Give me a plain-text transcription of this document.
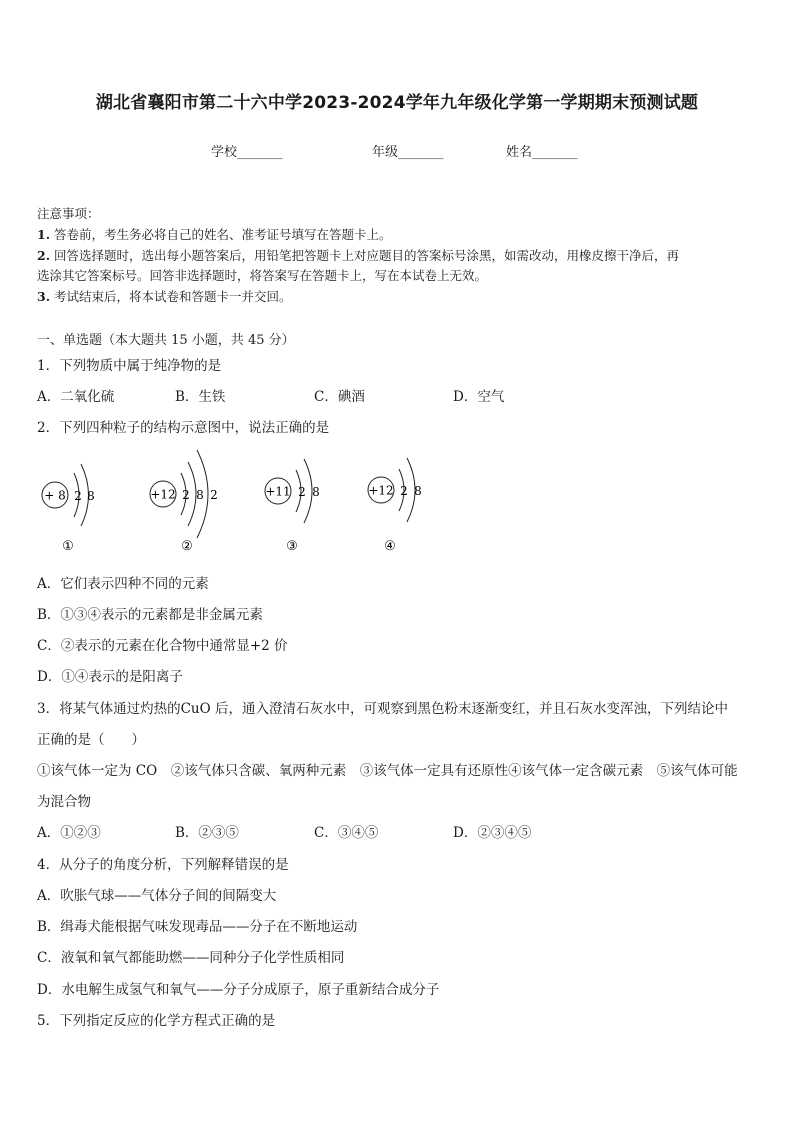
湖北省襄阳市第二十六中学2023-2024学年九年级化学第一学期期末预测试题
学校_______	年级_______	姓名_______
注意事项：
1. 答卷前，考生务必将自己的姓名、准考证号填写在答题卡上。
2. 回答选择题时，选出每小题答案后，用铅笔把答题卡上对应题目的答案标号涂黑，如需改动，用橡皮擦干净后，再
选涂其它答案标号。回答非选择题时，将答案写在答题卡上，写在本试卷上无效。
3. 考试结束后，将本试卷和答题卡一并交回。
一、单选题（本大题共 15 小题，共 45 分）
1．下列物质中属于纯净物的是
A．二氧化硫	B．生铁	C．碘酒	D．空气
2．下列四种粒子的结构示意图中，说法正确的是
+ 8 2 8
①
+12 2 8 2
②
+11 2 8
③
+12 2 8
④
A．它们表示四种不同的元素
B．①③④表示的元素都是非金属元素
C．②表示的元素在化合物中通常显+2 价
D．①④表示的是阳离子
3．将某气体通过灼热的CuO 后，通入澄清石灰水中，可观察到黑色粉末逐渐变红，并且石灰水变浑浊，下列结论中
正确的是（　　）
①该气体一定为 CO　②该气体只含碳、氧两种元素　③该气体一定具有还原性④该气体一定含碳元素　⑤该气体可能
为混合物
A．①②③	B．②③⑤	C．③④⑤	D．②③④⑤
4．从分子的角度分析，下列解释错误的是
A．吹胀气球——气体分子间的间隔变大
B．缉毒犬能根据气味发现毒品——分子在不断地运动
C．液氧和氧气都能助燃——同种分子化学性质相同
D．水电解生成氢气和氧气——分子分成原子，原子重新结合成分子
5．下列指定反应的化学方程式正确的是
